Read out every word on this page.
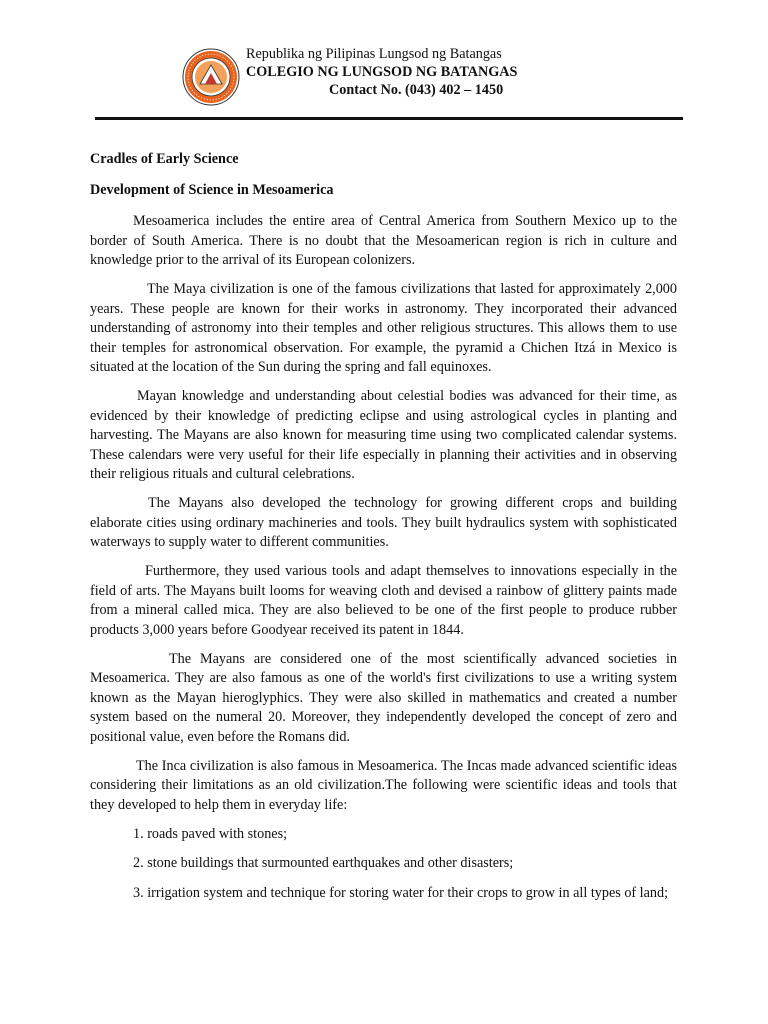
Republika ng Pilipinas Lungsod ng Batangas
COLEGIO NG LUNGSOD NG BATANGAS
Contact No. (043) 402 – 1450
Cradles of Early Science
Development of Science in Mesoamerica

Mesoamerica includes the entire area of Central America from Southern Mexico up to the border of South America. There is no doubt that the Mesoamerican region is rich in culture and knowledge prior to the arrival of its European colonizers.

The Maya civilization is one of the famous civilizations that lasted for approximately 2,000 years. These people are known for their works in astronomy. They incorporated their advanced understanding of astronomy into their temples and other religious structures. This allows them to use their temples for astronomical observation. For example, the pyramid a Chichen Itzá in Mexico is situated at the location of the Sun during the spring and fall equinoxes.

Mayan knowledge and understanding about celestial bodies was advanced for their time, as evidenced by their knowledge of predicting eclipse and using astrological cycles in planting and harvesting. The Mayans are also known for measuring time using two complicated calendar systems. These calendars were very useful for their life especially in planning their activities and in observing their religious rituals and cultural celebrations.

The Mayans also developed the technology for growing different crops and building elaborate cities using ordinary machineries and tools. They built hydraulics system with sophisticated waterways to supply water to different communities.

Furthermore, they used various tools and adapt themselves to innovations especially in the field of arts. The Mayans built looms for weaving cloth and devised a rainbow of glittery paints made from a mineral called mica. They are also believed to be one of the first people to produce rubber products 3,000 years before Goodyear received its patent in 1844.

The Mayans are considered one of the most scientifically advanced societies in Mesoamerica. They are also famous as one of the world's first civilizations to use a writing system known as the Mayan hieroglyphics. They were also skilled in mathematics and created a number system based on the numeral 20. Moreover, they independently developed the concept of zero and positional value, even before the Romans did.

The Inca civilization is also famous in Mesoamerica. The Incas made advanced scientific ideas considering their limitations as an old civilization.The following were scientific ideas and tools that they developed to help them in everyday life:

1. roads paved with stones;

2. stone buildings that surmounted earthquakes and other disasters;

3. irrigation system and technique for storing water for their crops to grow in all types of land;
